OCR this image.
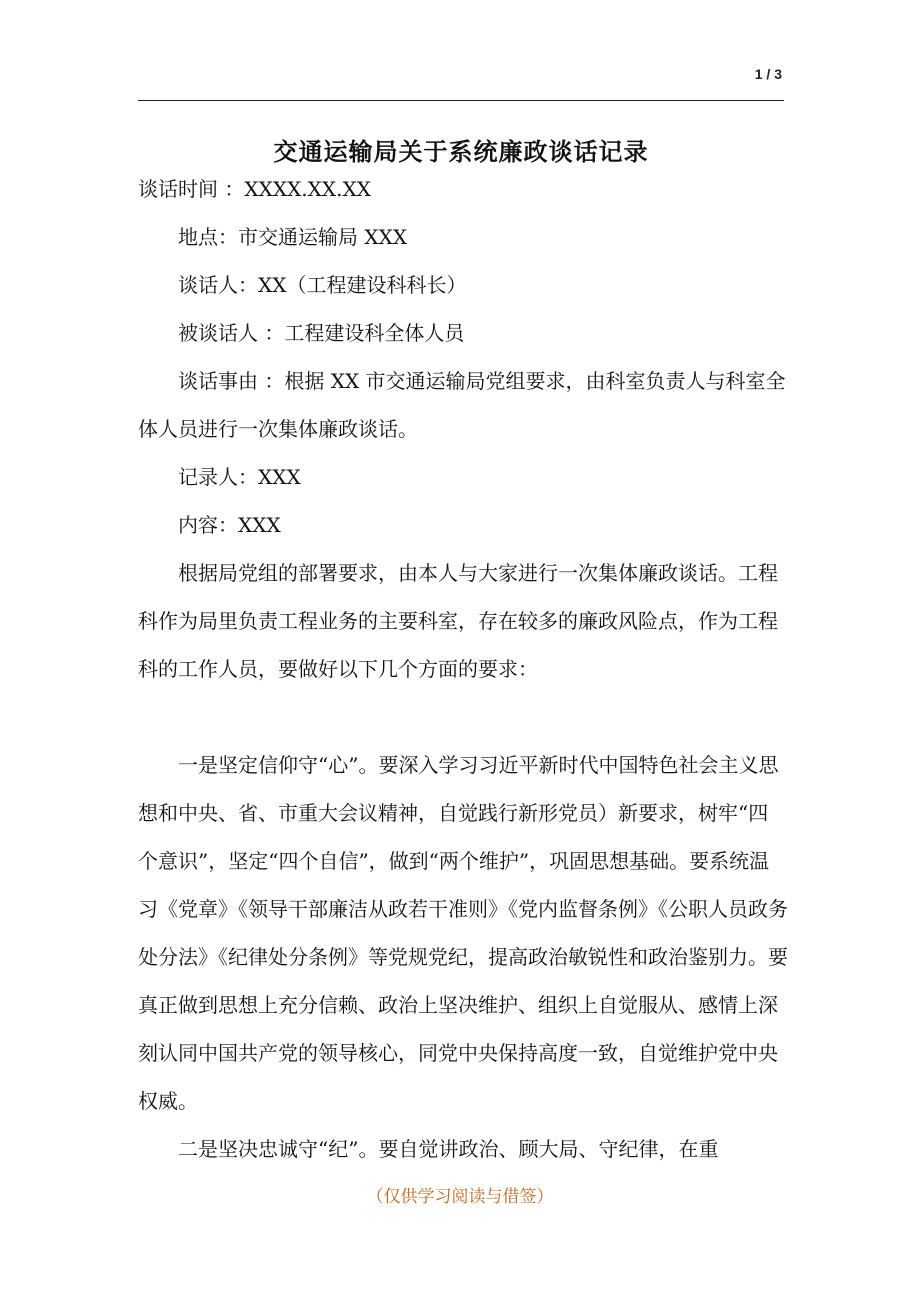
1 / 3
交通运输局关于系统廉政谈话记录

谈话时间 ：XXXX.XX.XX

地点：市交通运输局 XXX

谈话人：XX（工程建设科科长）

被谈话人 ：工程建设科全体人员

谈话事由 ：根据 XX 市交通运输局党组要求，由科室负责人与科室全体人员进行一次集体廉政谈话。

记录人：XXX

内容：XXX

根据局党组的部署要求，由本人与大家进行一次集体廉政谈话。工程科作为局里负责工程业务的主要科室，存在较多的廉政风险点，作为工程科的工作人员，要做好以下几个方面的要求：

一是坚定信仰守“心”。要深入学习习近平新时代中国特色社会主义思想和中央、省、市重大会议精神，自觉践行新形党员）新要求，树牢“四个意识”，坚定“四个自信”，做到“两个维护”，巩固思想基础。要系统温习《党章》《领导干部廉洁从政若干准则》《党内监督条例》《公职人员政务处分法》《纪律处分条例》等党规党纪，提高政治敏锐性和政治鉴别力。要真正做到思想上充分信赖、政治上坚决维护、组织上自觉服从、感情上深刻认同中国共产党的领导核心，同党中央保持高度一致，自觉维护党中央权威。

二是坚决忠诚守“纪”。要自觉讲政治、顾大局、守纪律，在重

（仅供学习阅读与借签）
